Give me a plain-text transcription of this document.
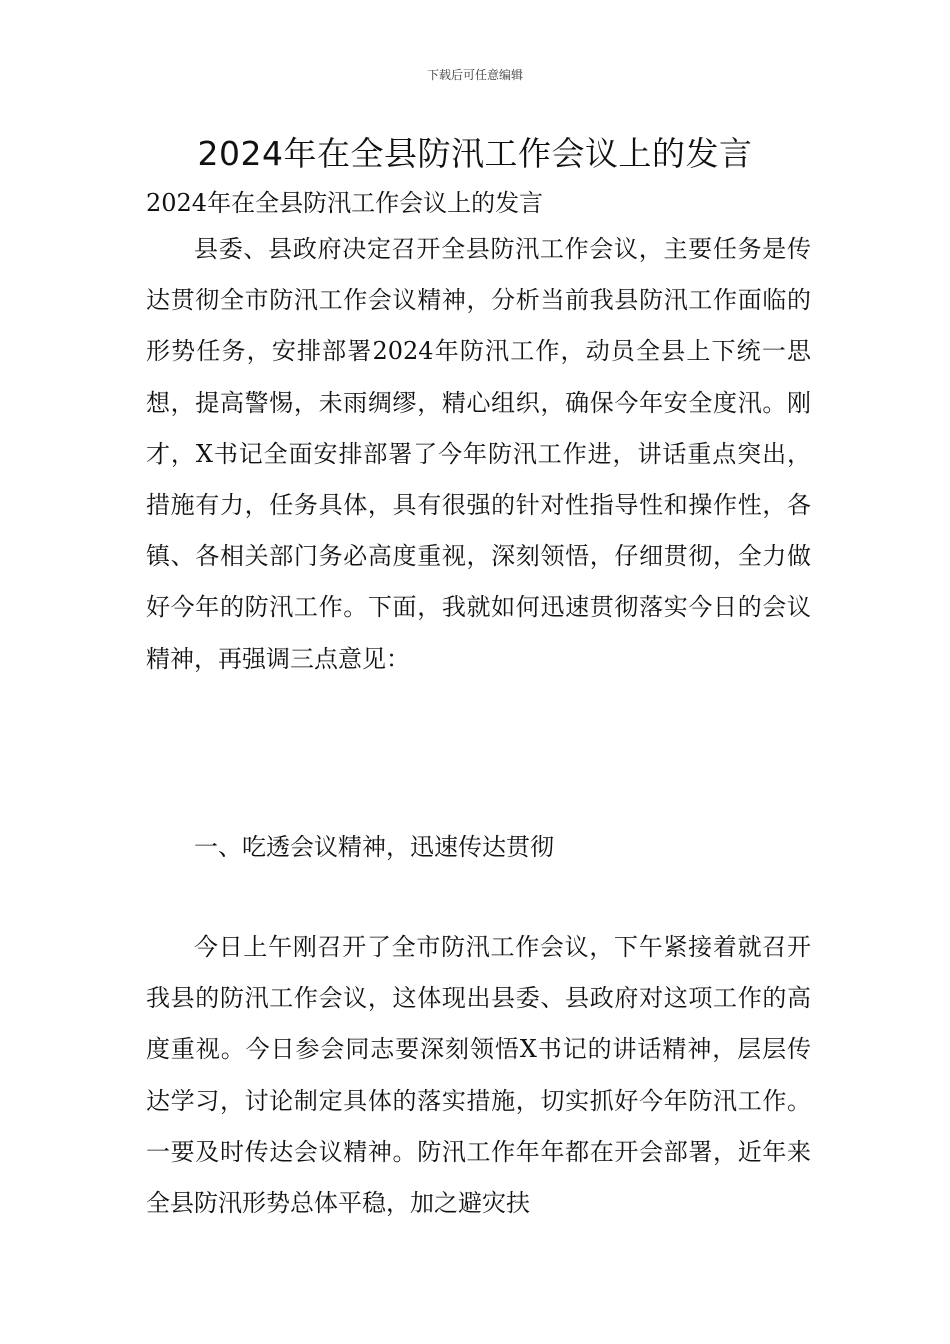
下载后可任意编辑
2024年在全县防汛工作会议上的发言
2024年在全县防汛工作会议上的发言

县委、县政府决定召开全县防汛工作会议，主要任务是传达贯彻全市防汛工作会议精神，分析当前我县防汛工作面临的形势任务，安排部署2024年防汛工作，动员全县上下统一思想，提高警惕，未雨绸缪，精心组织，确保今年安全度汛。刚才，X书记全面安排部署了今年防汛工作进，讲话重点突出，措施有力，任务具体，具有很强的针对性指导性和操作性，各镇、各相关部门务必高度重视，深刻领悟，仔细贯彻，全力做好今年的防汛工作。下面，我就如何迅速贯彻落实今日的会议精神，再强调三点意见：

一、吃透会议精神，迅速传达贯彻

今日上午刚召开了全市防汛工作会议，下午紧接着就召开我县的防汛工作会议，这体现出县委、县政府对这项工作的高度重视。今日参会同志要深刻领悟X书记的讲话精神，层层传达学习，讨论制定具体的落实措施，切实抓好今年防汛工作。一要及时传达会议精神。防汛工作年年都在开会部署，近年来全县防汛形势总体平稳，加之避灾扶
